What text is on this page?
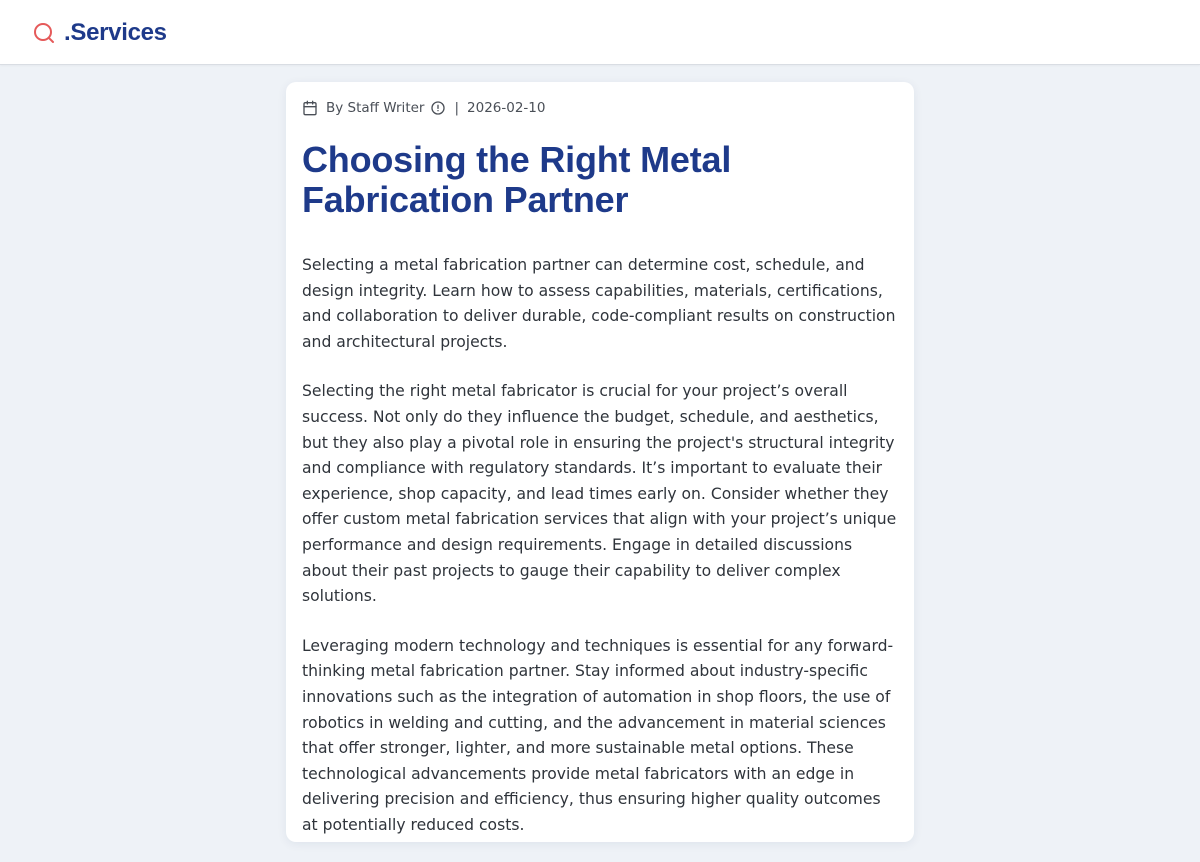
.Services
By Staff Writer | 2026-02-10
Choosing the Right Metal Fabrication Partner

Selecting a metal fabrication partner can determine cost, schedule, and design integrity. Learn how to assess capabilities, materials, certifications, and collaboration to deliver durable, code-compliant results on construction and architectural projects.

Selecting the right metal fabricator is crucial for your project’s overall success. Not only do they influence the budget, schedule, and aesthetics, but they also play a pivotal role in ensuring the project's structural integrity and compliance with regulatory standards. It’s important to evaluate their experience, shop capacity, and lead times early on. Consider whether they offer custom metal fabrication services that align with your project’s unique performance and design requirements. Engage in detailed discussions about their past projects to gauge their capability to deliver complex solutions.

Leveraging modern technology and techniques is essential for any forward-thinking metal fabrication partner. Stay informed about industry-specific innovations such as the integration of automation in shop floors, the use of robotics in welding and cutting, and the advancement in material sciences that offer stronger, lighter, and more sustainable metal options. These technological advancements provide metal fabricators with an edge in delivering precision and efficiency, thus ensuring higher quality outcomes at potentially reduced costs.
